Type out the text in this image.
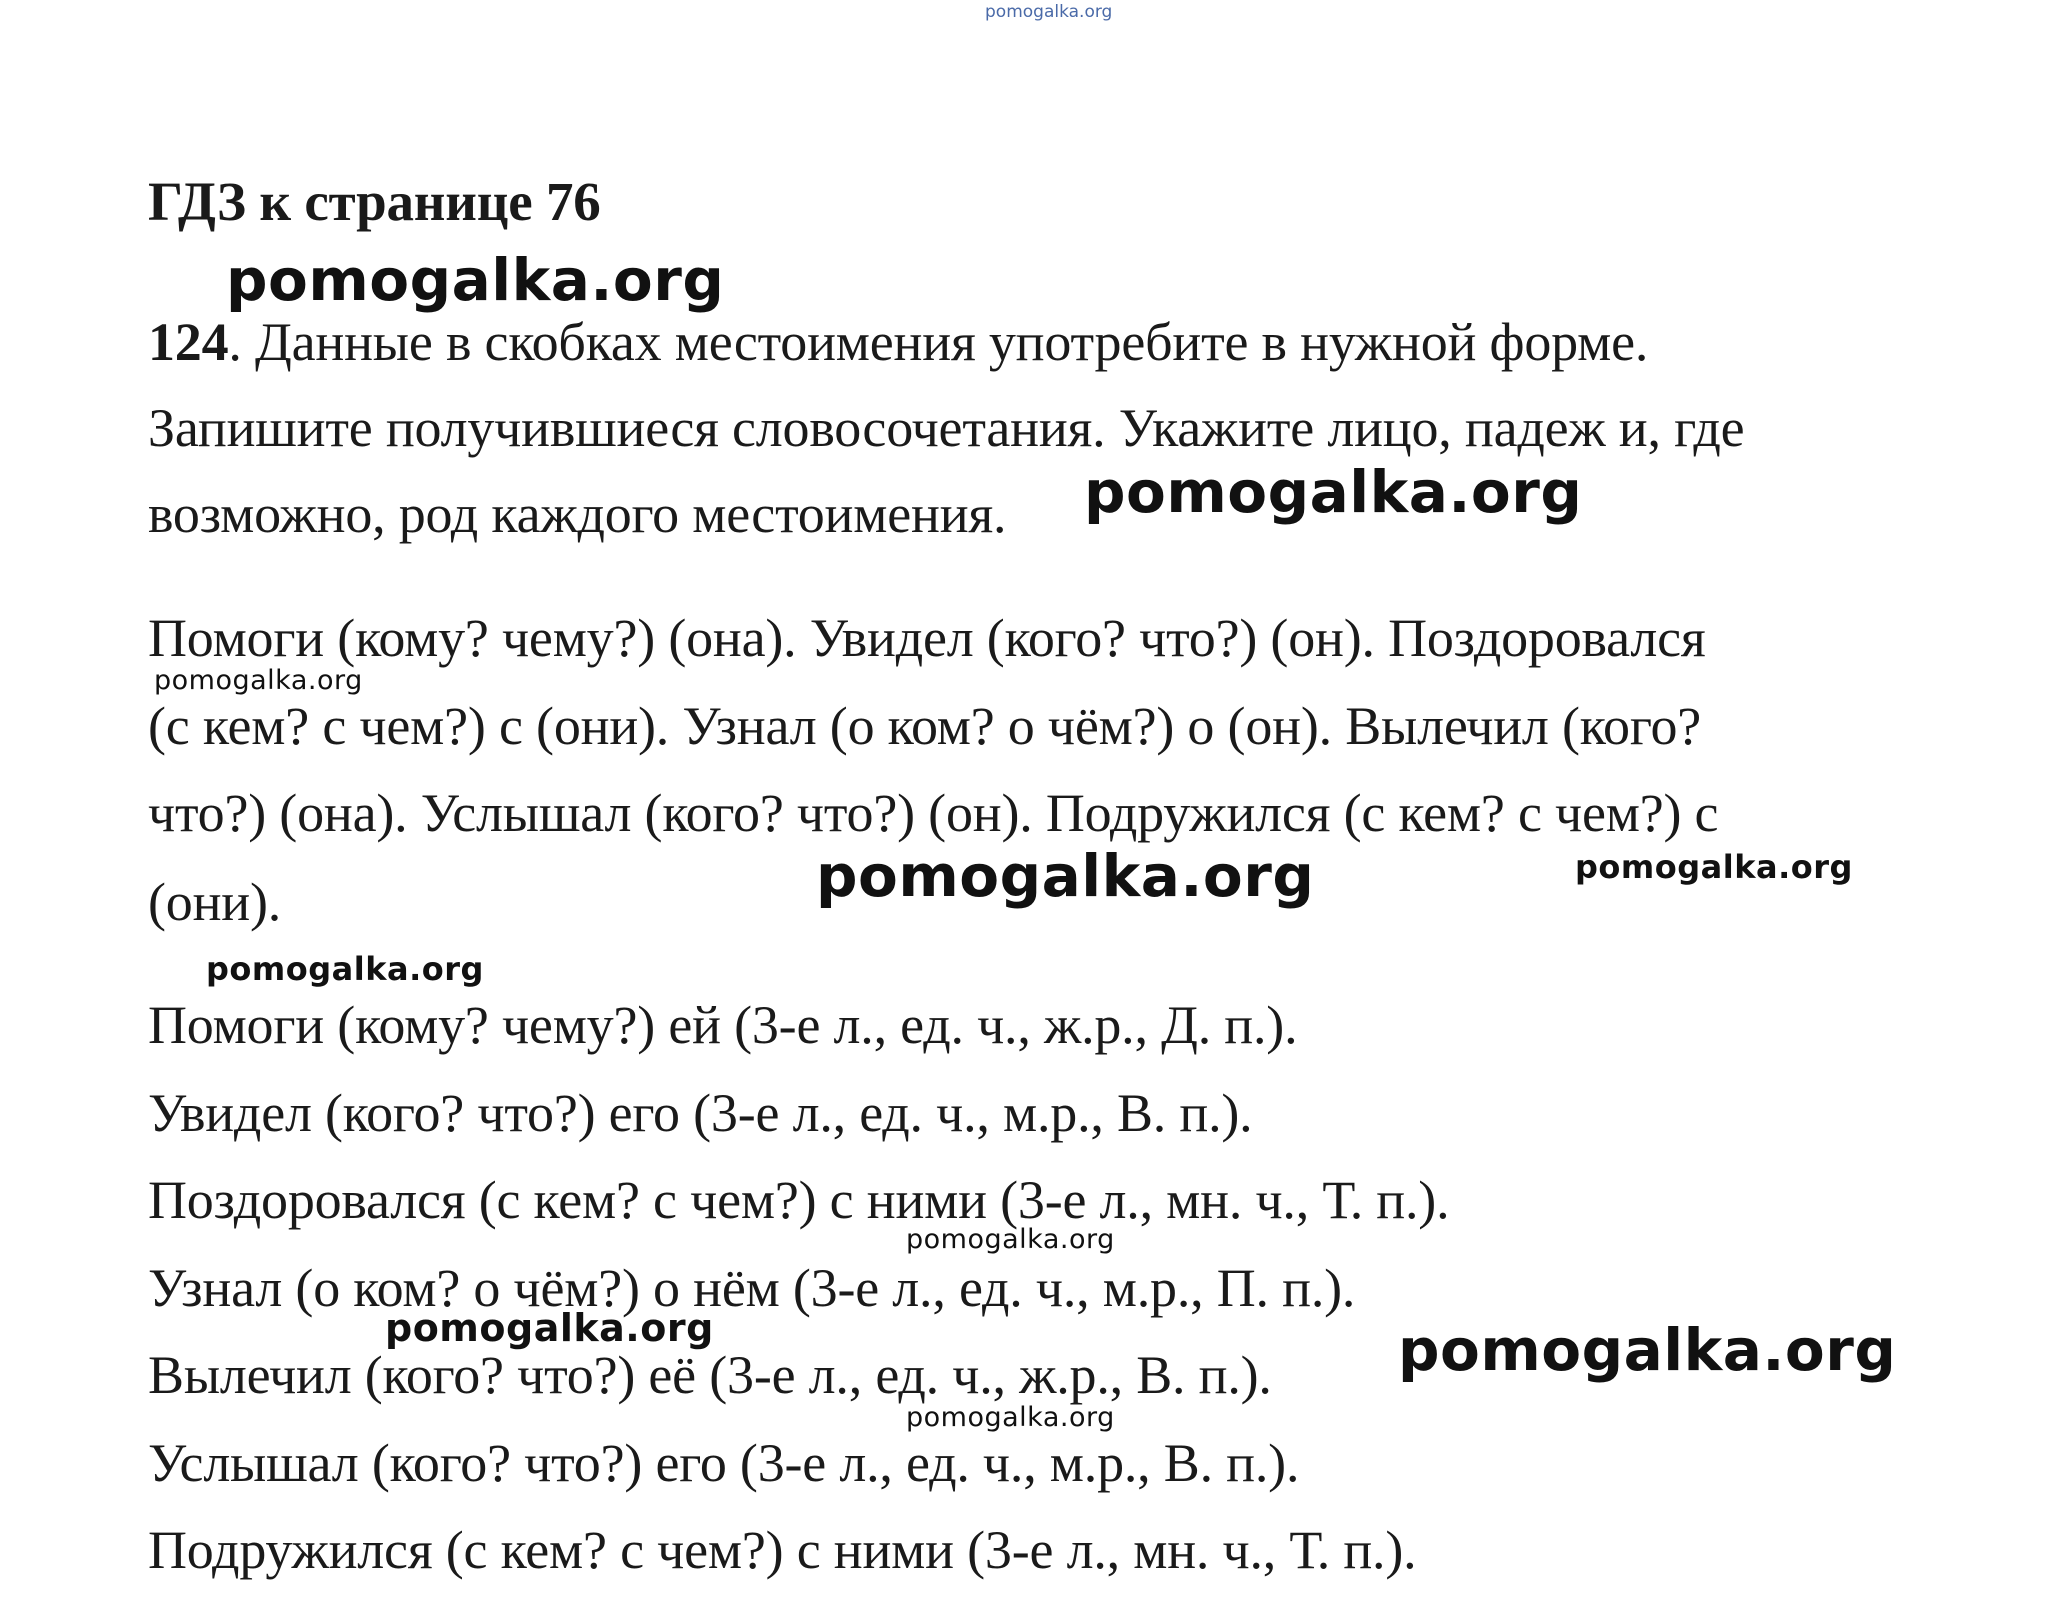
pomogalka.org
ГДЗ к странице 76
pomogalka.org
124. Данные в скобках местоимения употребите в нужной форме.
Запишите получившиеся словосочетания. Укажите лицо, падеж и, где
возможно, род каждого местоимения. pomogalka.org
Помоги (кому? чему?) (она). Увидел (кого? что?) (он). Поздоровался
pomogalka.org
(с кем? с чем?) с (они). Узнал (о ком? о чём?) о (он). Вылечил (кого?
что?) (она). Услышал (кого? что?) (он). Подружился (с кем? с чем?) с
pomogalka.org	pomogalka.org
(они).
pomogalka.org
Помоги (кому? чему?) ей (3-е л., ед. ч., ж.р., Д. п.).
Увидел (кого? что?) его (3-е л., ед. ч., м.р., В. п.).
Поздоровался (с кем? с чем?) с ними (3-е л., мн. ч., Т. п.).
pomogalka.org
Узнал (о ком? о чём?) о нём (3-е л., ед. ч., м.р., П. п.).
pomogalka.org
Вылечил (кого? что?) её (3-е л., ед. ч., ж.р., В. п.). pomogalka.org
pomogalka.org
Услышал (кого? что?) его (3-е л., ед. ч., м.р., В. п.).
Подружился (с кем? с чем?) с ними (3-е л., мн. ч., Т. п.).
